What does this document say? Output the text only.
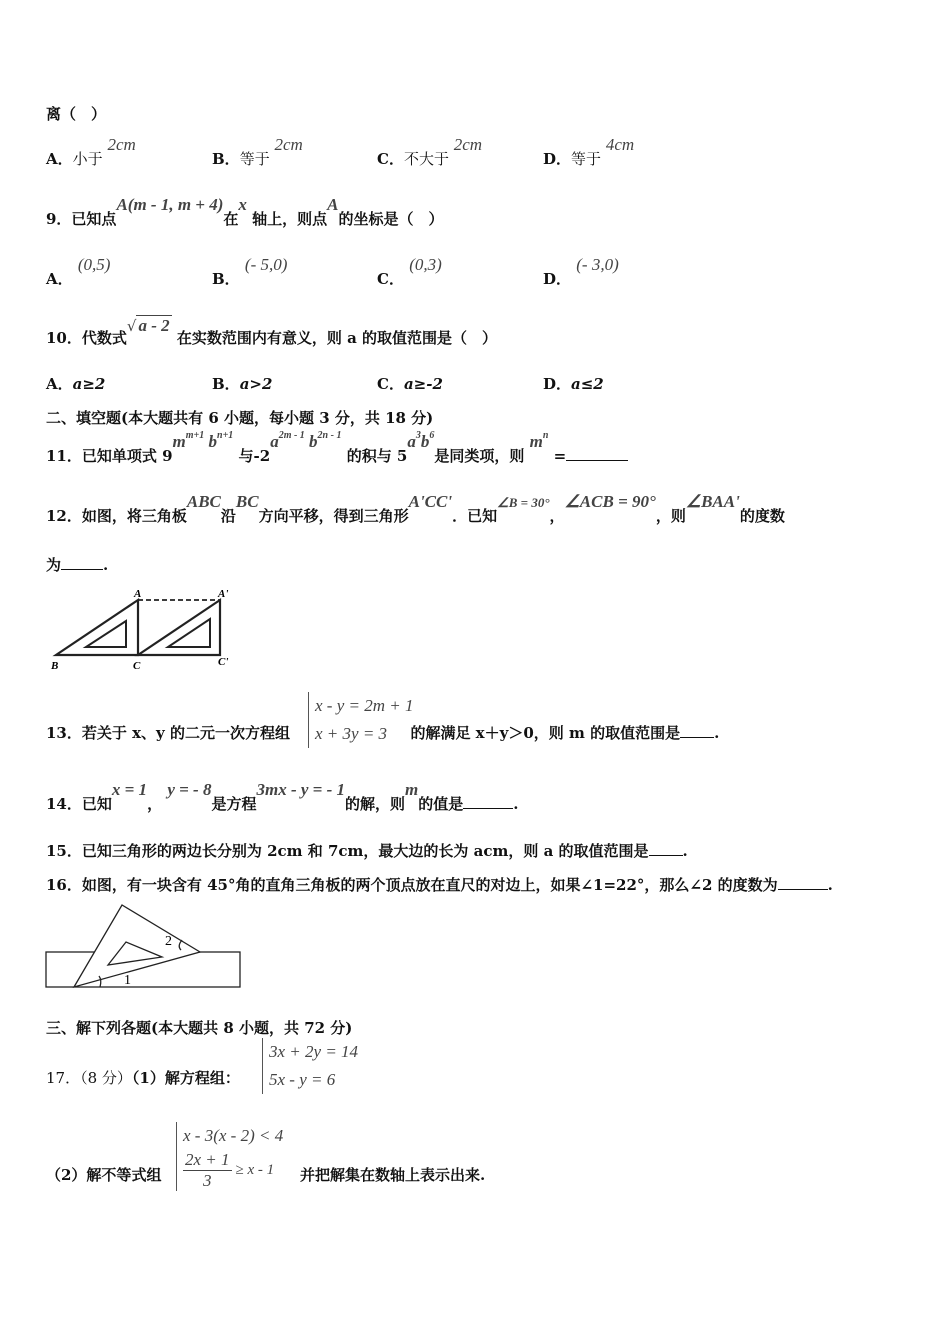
离（　）
A．小于 2cm
B．等于 2cm
C．不大于 2cm
D．等于 4cm
9．已知点A(m - 1, m + 4)在x 轴上，则点A的坐标是（　）
A． (0,5)
B． (- 5,0)
C． (0,3)
D． (- 3,0)
10．代数式√ a - 2 在实数范围内有意义，则 a 的取值范围是（　）
A．a≥2	B．a>2	C．a≥-2	D．a≤2
二、填空题(本大题共有 6 小题，每小题 3 分，共 18 分)
11．已知单项式 $9m^{m+1}$ $b^{n+1}$ 与$-2a^{2m - 1}$ $b^{2n - 1}$ 的积与 $5a^3b^6$是同类项，则 $m^n$ =
12．如图，将三角板ABC沿BC方向平移，得到三角形A'CC'．已知∠B = 30°，∠ACB = 90°，则∠BAA'的度数
为	.
A	A'
B	C	C'
13．若关于 x、y 的二元一次方程组	的解满足 x＋y＞0，则 m 的取值范围是 .
x - y = 2m + 1
x + 3y = 3
14．已知x = 1， y = - 8是方程3mx - y = - 1的解，则m的值是	.
15．已知三角形的两边长分别为 2cm 和 7cm，最大边的长为 acm，则 a 的取值范围是 .
16．如图，有一块含有 45°角的直角三角板的两个顶点放在直尺的对边上，如果∠1=22°，那么∠2 的度数为	.
1
2
三、解下列各题(本大题共 8 小题，共 72 分)
17．（8 分）（1）解方程组：
3x + 2y = 14
5x - y = 6
（2）解不等式组
x - 3(x - 2) < 4
$\frac{2x + 1}{3} \ge x - 1$ 并把解集在数轴上表示出来.
